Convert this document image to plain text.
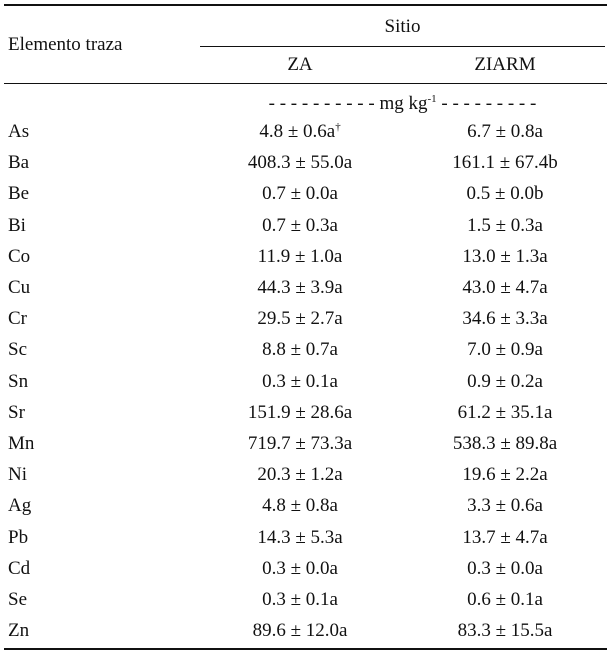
Elemento traza
Sitio
ZA	ZIARM
- - - - - - - - - - mg $kg^{-1}$ - - - - - - - - -
As	4.8 ± 0.6a†	6.7 ± 0.8a
Ba	408.3 ± 55.0a	161.1 ± 67.4b
Be	0.7 ± 0.0a	0.5 ± 0.0b
Bi	0.7 ± 0.3a	1.5 ± 0.3a
Co	11.9 ± 1.0a	13.0 ± 1.3a
Cu	44.3 ± 3.9a	43.0 ± 4.7a
Cr	29.5 ± 2.7a	34.6 ± 3.3a
Sc	8.8 ± 0.7a	7.0 ± 0.9a
Sn	0.3 ± 0.1a	0.9 ± 0.2a
Sr	151.9 ± 28.6a	61.2 ± 35.1a
Mn	719.7 ± 73.3a	538.3 ± 89.8a
Ni	20.3 ± 1.2a	19.6 ± 2.2a
Ag	4.8 ± 0.8a	3.3 ± 0.6a
Pb	14.3 ± 5.3a	13.7 ± 4.7a
Cd	0.3 ± 0.0a	0.3 ± 0.0a
Se	0.3 ± 0.1a	0.6 ± 0.1a
Zn	89.6 ± 12.0a	83.3 ± 15.5a
